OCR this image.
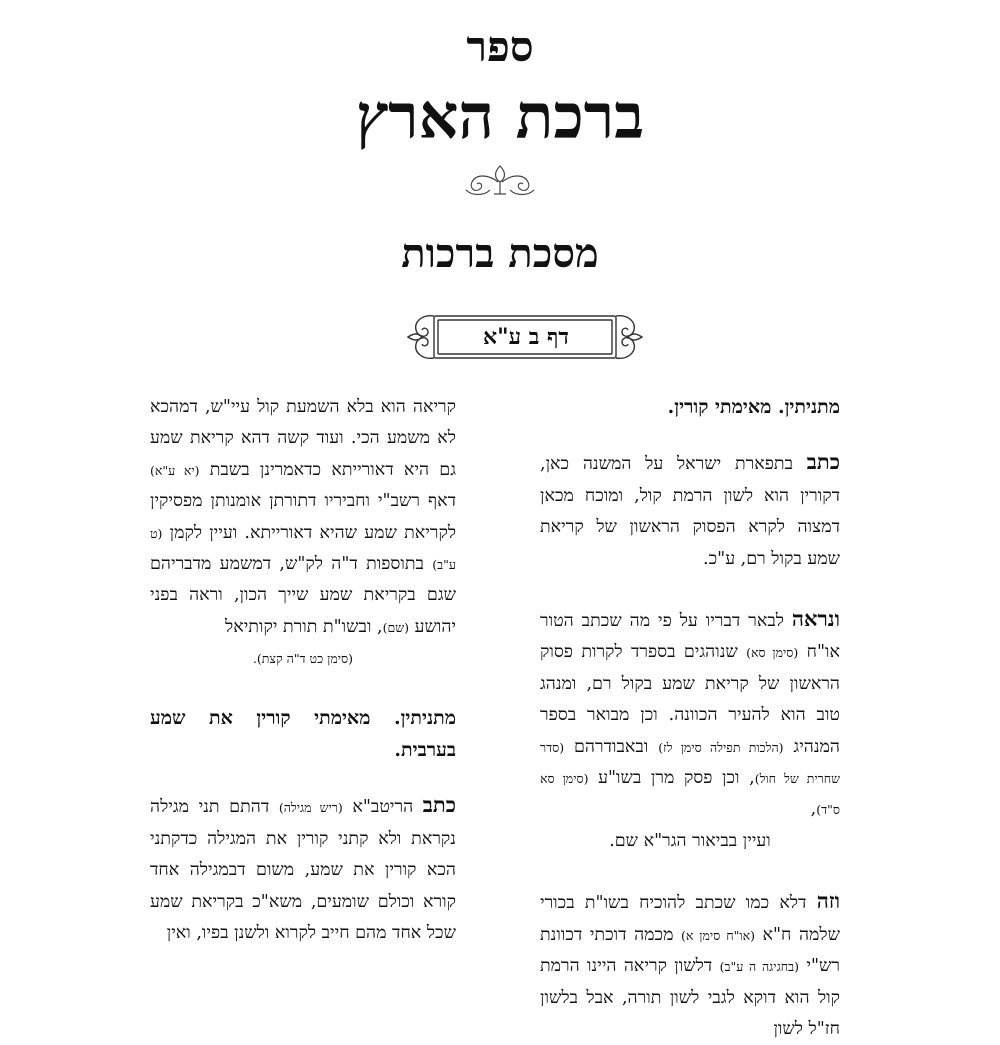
ספר
ברכת הארץ
מסכת ברכות
דף ב ע"א

מתניתין. מאימתי קורין.

כתב בתפארת ישראל על המשנה כאן, דקורין הוא לשון הרמת קול, ומוכח מכאן דמצוה לקרא הפסוק הראשון של קריאת שמע בקול רם, ע"כ.

ונראה לבאר דבריו על פי מה שכתב הטור או"ח (סימן סא) שנוהגים בספרד לקרות פסוק הראשון של קריאת שמע בקול רם, ומנהג טוב הוא להעיר הכוונה. וכן מבואר בספר המנהיג (הלכות תפילה סימן לז) ובאבודרהם (סדר שחרית של חול), וכן פסק מרן בשו"ע (סימן סא ס"ד),

ועיין בביאור הגר"א שם.

וזה דלא כמו שכתב להוכיח בשו"ת בכורי שלמה ח"א (או"ח סימן א) מכמה דוכתי דכוונת רש"י (בחגיגה ה ע"ב) דלשון קריאה היינו הרמת קול הוא דוקא לגבי לשון תורה, אבל בלשון חז"ל לשון

קריאה הוא בלא השמעת קול עיי"ש, דמהכא לא משמע הכי. ועוד קשה דהא קריאת שמע גם היא דאורייתא כדאמרינן בשבת (יא ע"א) דאף רשב"י וחביריו דתורתן אומנותן מפסיקין לקריאת שמע שהיא דאורייתא. ועיין לקמן (ט ע"ב) בתוספות ד"ה לק"ש, דמשמע מדבריהם שגם בקריאת שמע שייך הכון, וראה בפני יהושע (שם), ובשו"ת תורת יקותיאל

(סימן כט ד"ה קצת).

מתניתין. מאימתי קורין את שמע בערבית.

כתב הריטב"א (ריש מגילה) דהתם תני מגילה נקראת ולא קתני קורין את המגילה כדקתני הכא קורין את שמע, משום דבמגילה אחד קורא וכולם שומעים, משא"כ בקריאת שמע שכל אחד מהם חייב לקרוא ולשנן בפיו, ואין
